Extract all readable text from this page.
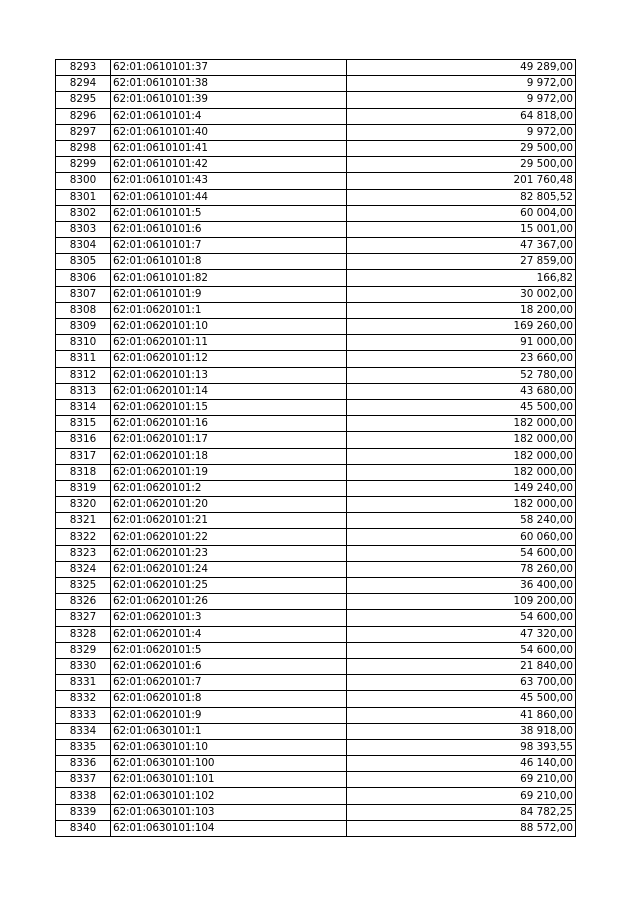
8293	62:01:0610101:37	49 289,00
8294	62:01:0610101:38	9 972,00
8295	62:01:0610101:39	9 972,00
8296	62:01:0610101:4	64 818,00
8297	62:01:0610101:40	9 972,00
8298	62:01:0610101:41	29 500,00
8299	62:01:0610101:42	29 500,00
8300	62:01:0610101:43	201 760,48
8301	62:01:0610101:44	82 805,52
8302	62:01:0610101:5	60 004,00
8303	62:01:0610101:6	15 001,00
8304	62:01:0610101:7	47 367,00
8305	62:01:0610101:8	27 859,00
8306	62:01:0610101:82	166,82
8307	62:01:0610101:9	30 002,00
8308	62:01:0620101:1	18 200,00
8309	62:01:0620101:10	169 260,00
8310	62:01:0620101:11	91 000,00
8311	62:01:0620101:12	23 660,00
8312	62:01:0620101:13	52 780,00
8313	62:01:0620101:14	43 680,00
8314	62:01:0620101:15	45 500,00
8315	62:01:0620101:16	182 000,00
8316	62:01:0620101:17	182 000,00
8317	62:01:0620101:18	182 000,00
8318	62:01:0620101:19	182 000,00
8319	62:01:0620101:2	149 240,00
8320	62:01:0620101:20	182 000,00
8321	62:01:0620101:21	58 240,00
8322	62:01:0620101:22	60 060,00
8323	62:01:0620101:23	54 600,00
8324	62:01:0620101:24	78 260,00
8325	62:01:0620101:25	36 400,00
8326	62:01:0620101:26	109 200,00
8327	62:01:0620101:3	54 600,00
8328	62:01:0620101:4	47 320,00
8329	62:01:0620101:5	54 600,00
8330	62:01:0620101:6	21 840,00
8331	62:01:0620101:7	63 700,00
8332	62:01:0620101:8	45 500,00
8333	62:01:0620101:9	41 860,00
8334	62:01:0630101:1	38 918,00
8335	62:01:0630101:10	98 393,55
8336	62:01:0630101:100	46 140,00
8337	62:01:0630101:101	69 210,00
8338	62:01:0630101:102	69 210,00
8339	62:01:0630101:103	84 782,25
8340	62:01:0630101:104	88 572,00
